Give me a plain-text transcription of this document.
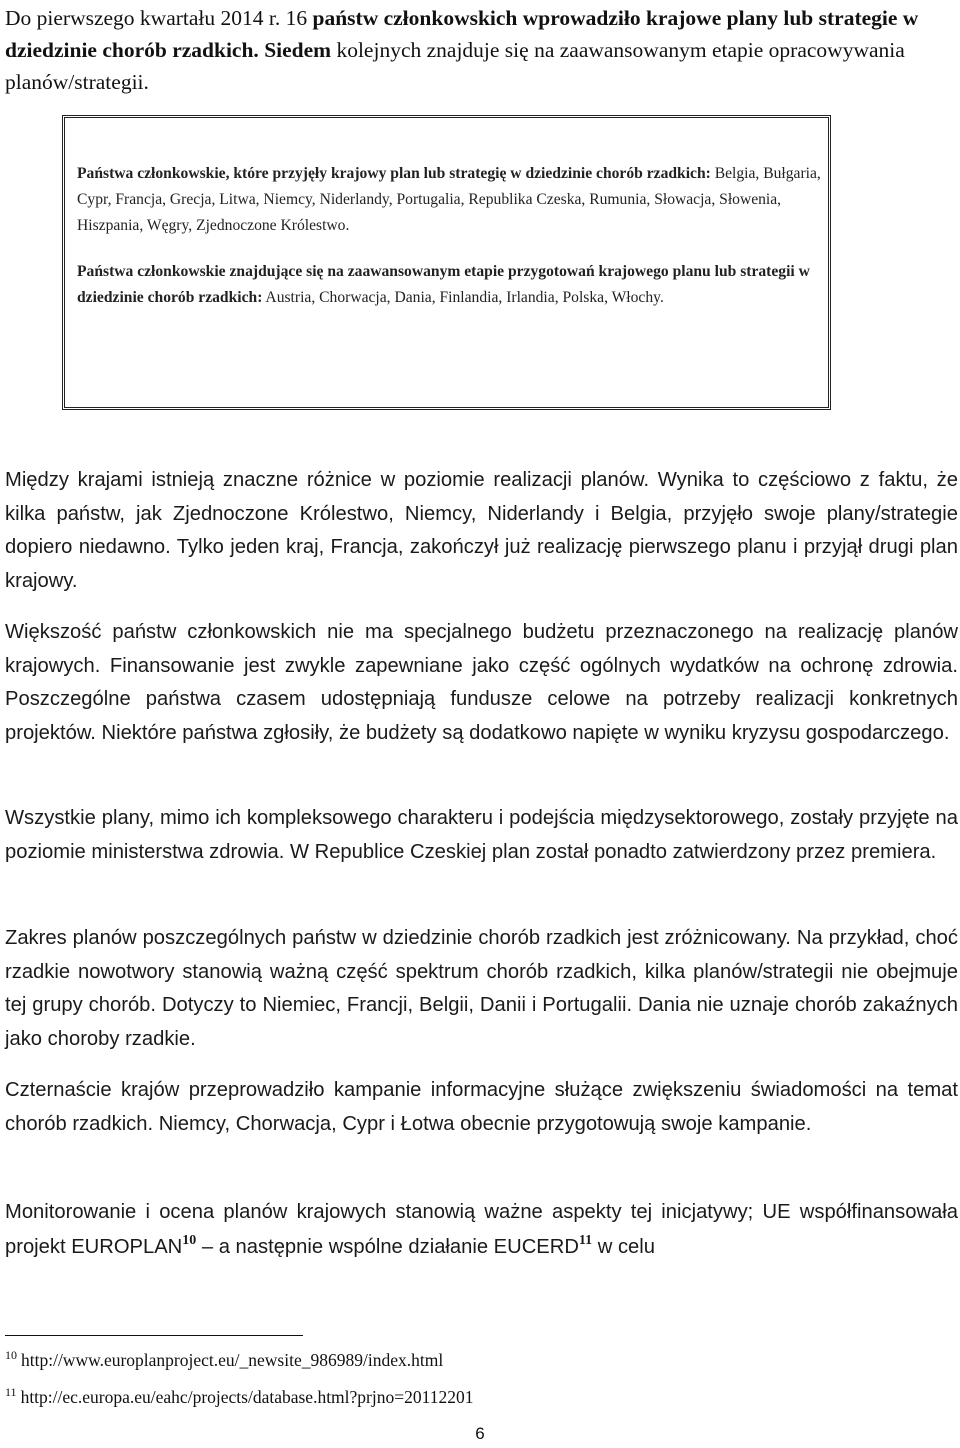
Do pierwszego kwartału 2014 r. 16 państw członkowskich wprowadziło krajowe plany lub strategie w dziedzinie chorób rzadkich. Siedem kolejnych znajduje się na zaawansowanym etapie opracowywania planów/strategii.

Państwa członkowskie, które przyjęły krajowy plan lub strategię w dziedzinie chorób rzadkich: Belgia, Bułgaria, Cypr, Francja, Grecja, Litwa, Niemcy, Niderlandy, Portugalia, Republika Czeska, Rumunia, Słowacja, Słowenia, Hiszpania, Węgry, Zjednoczone Królestwo.

Państwa członkowskie znajdujące się na zaawansowanym etapie przygotowań krajowego planu lub strategii w dziedzinie chorób rzadkich: Austria, Chorwacja, Dania, Finlandia, Irlandia, Polska, Włochy.

Między krajami istnieją znaczne różnice w poziomie realizacji planów. Wynika to częściowo z faktu, że kilka państw, jak Zjednoczone Królestwo, Niemcy, Niderlandy i Belgia, przyjęło swoje plany/strategie dopiero niedawno. Tylko jeden kraj, Francja, zakończył już realizację pierwszego planu i przyjął drugi plan krajowy.

Większość państw członkowskich nie ma specjalnego budżetu przeznaczonego na realizację planów krajowych. Finansowanie jest zwykle zapewniane jako część ogólnych wydatków na ochronę zdrowia. Poszczególne państwa czasem udostępniają fundusze celowe na potrzeby realizacji konkretnych projektów. Niektóre państwa zgłosiły, że budżety są dodatkowo napięte w wyniku kryzysu gospodarczego.

Wszystkie plany, mimo ich kompleksowego charakteru i podejścia międzysektorowego, zostały przyjęte na poziomie ministerstwa zdrowia. W Republice Czeskiej plan został ponadto zatwierdzony przez premiera.

Zakres planów poszczególnych państw w dziedzinie chorób rzadkich jest zróżnicowany. Na przykład, choć rzadkie nowotwory stanowią ważną część spektrum chorób rzadkich, kilka planów/strategii nie obejmuje tej grupy chorób. Dotyczy to Niemiec, Francji, Belgii, Danii i Portugalii. Dania nie uznaje chorób zakaźnych jako choroby rzadkie.

Czternaście krajów przeprowadziło kampanie informacyjne służące zwiększeniu świadomości na temat chorób rzadkich. Niemcy, Chorwacja, Cypr i Łotwa obecnie przygotowują swoje kampanie.

Monitorowanie i ocena planów krajowych stanowią ważne aspekty tej inicjatywy; UE współfinansowała projekt EUROPLAN$^{10}$ – a następnie wspólne działanie EUCERD$^{11}$ w celu

$^{10}$ http://www.europlanproject.eu/_newsite_986989/index.html

$^{11}$ http://ec.europa.eu/eahc/projects/database.html?prjno=20112201

6
